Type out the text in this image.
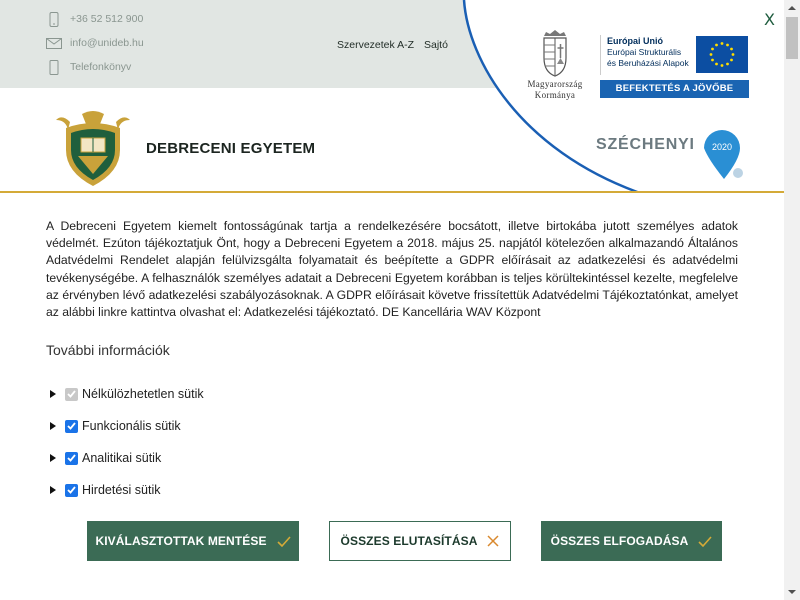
+36 52 512 900
info@unideb.hu
Telefonkönyv
Szervezetek A-Z Sajtó
Magyarország
Kormánya
Európai Unió
Európai Strukturális
és Beruházási Alapok
BEFEKTETÉS A JÖVŐBE
DEBRECENI EGYETEM	SZÉCHENYI	2020
X

A Debreceni Egyetem kiemelt fontosságúnak tartja a rendelkezésére bocsátott, illetve birtokába jutott személyes adatok védelmét. Ezúton tájékoztatjuk Önt, hogy a Debreceni Egyetem a 2018. május 25. napjától kötelezően alkalmazandó Általános Adatvédelmi Rendelet alapján felülvizsgálta folyamatait és beépítette a GDPR előírásait az adatkezelési és adatvédelmi tevékenységébe. A felhasználók személyes adatait a Debreceni Egyetem korábban is teljes körültekintéssel kezelte, megfelelve az érvényben lévő adatkezelési szabályozásoknak. A GDPR előírásait követve frissítettük Adatvédelmi Tájékoztatónkat, amelyet az alábbi linkre kattintva olvashat el: Adatkezelési tájékoztató. DE Kancellária WAV Központ

További információk
Nélkülözhetetlen sütik
Funkcionális sütik
Analitikai sütik
Hirdetési sütik
KIVÁLASZTOTTAK MENTÉSE	ÖSSZES ELUTASÍTÁSA	ÖSSZES ELFOGADÁSA
